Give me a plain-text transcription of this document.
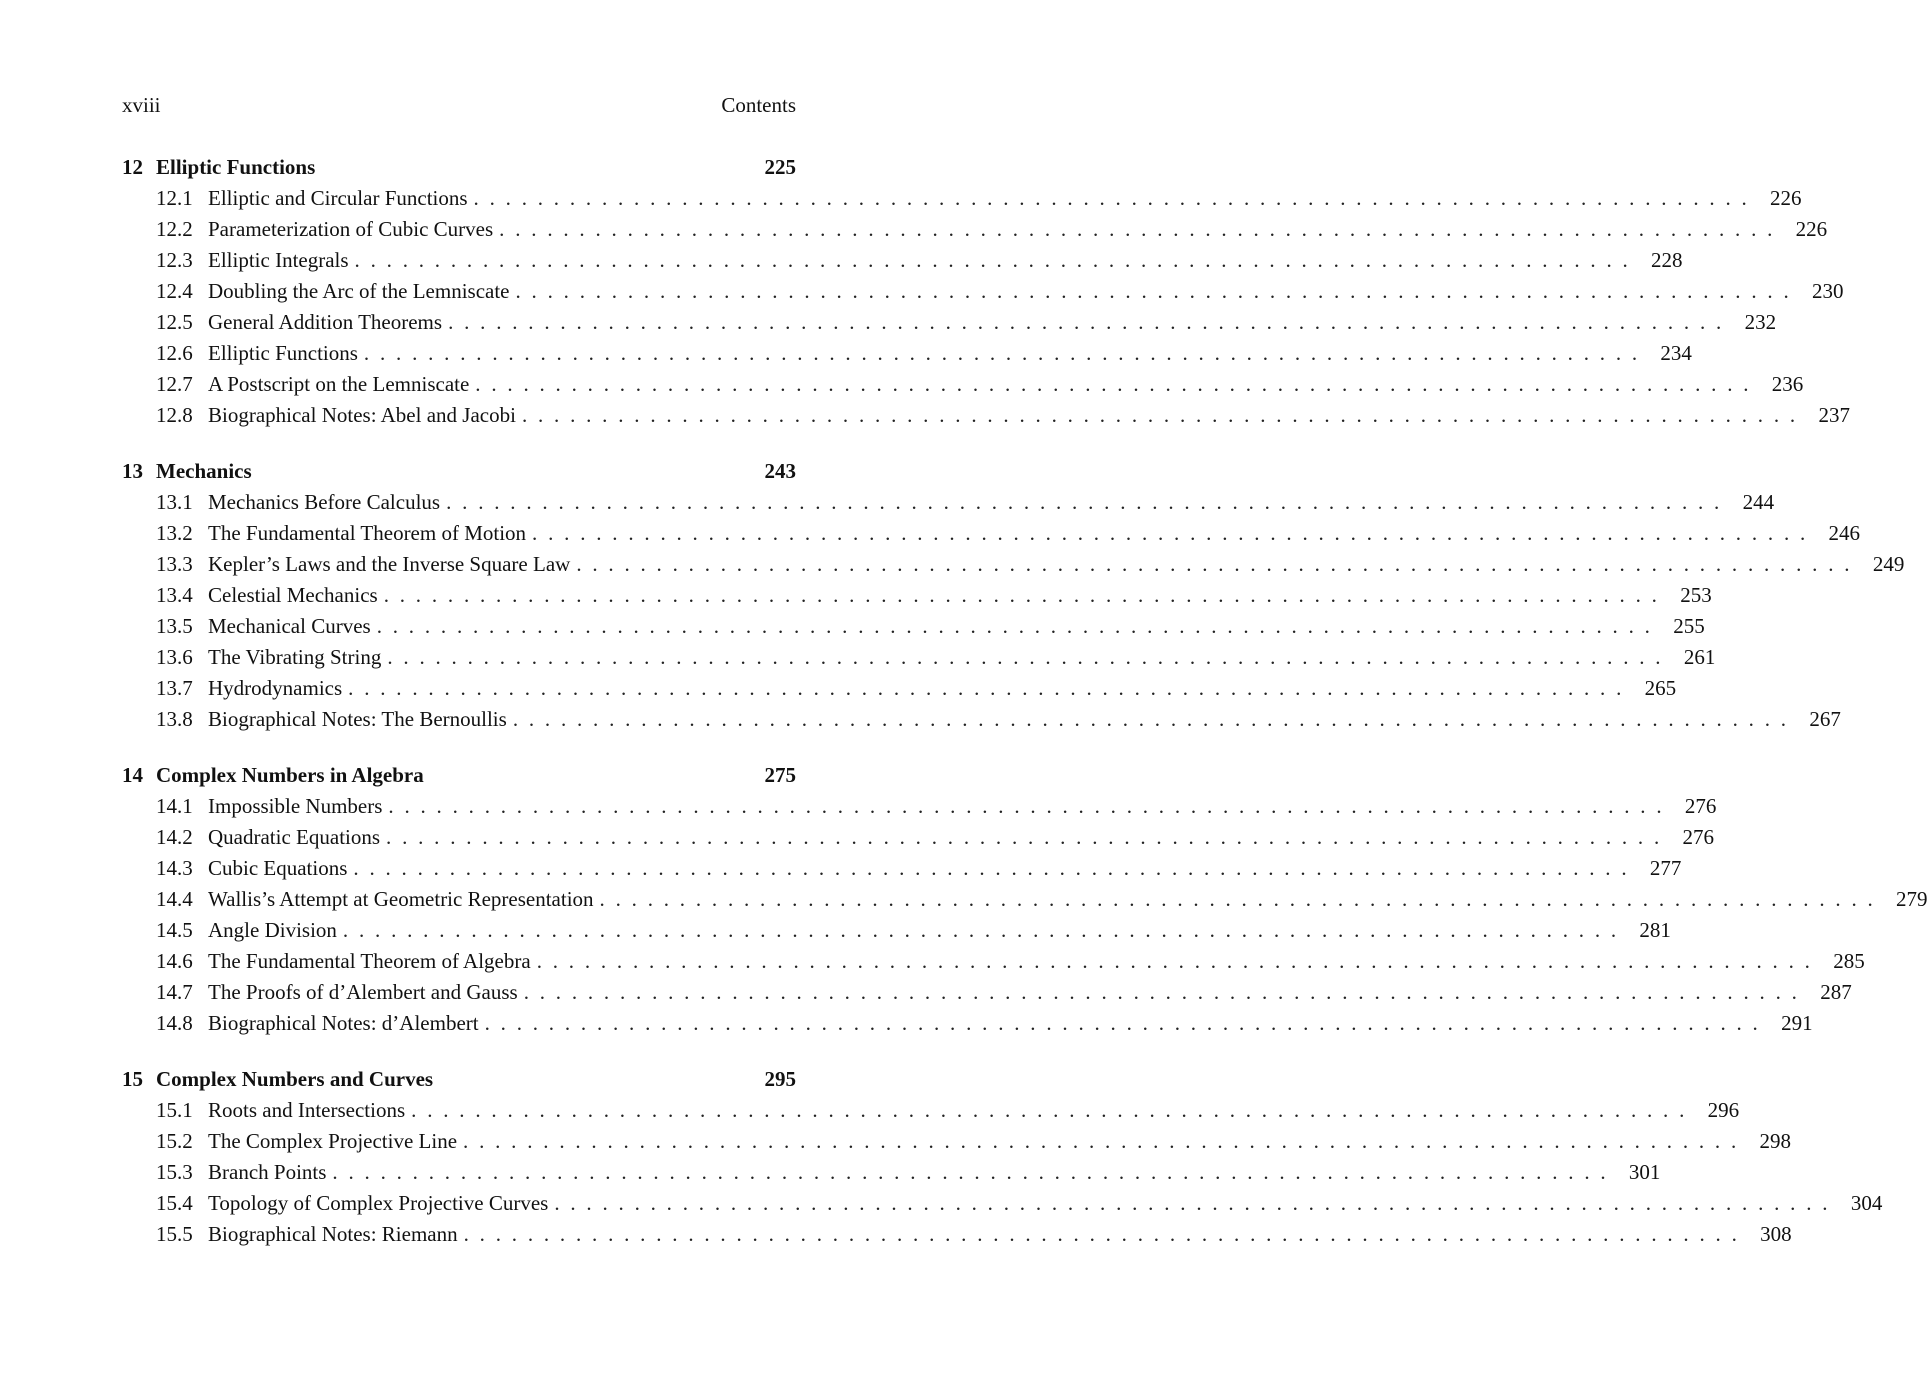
xviii	Contents
12 Elliptic Functions	225
12.1 Elliptic and Circular Functions ................................................................................ 226
12.2 Parameterization of Cubic Curves ................................................................................ 226
12.3 Elliptic Integrals ................................................................................ 228
12.4 Doubling the Arc of the Lemniscate ................................................................................ 230
12.5 General Addition Theorems ................................................................................ 232
12.6 Elliptic Functions ................................................................................ 234
12.7 A Postscript on the Lemniscate ................................................................................ 236
12.8 Biographical Notes: Abel and Jacobi ................................................................................ 237
13 Mechanics	243
13.1 Mechanics Before Calculus ................................................................................ 244
13.2 The Fundamental Theorem of Motion ................................................................................ 246
13.3 Kepler’s Laws and the Inverse Square Law ................................................................................ 249
13.4 Celestial Mechanics ................................................................................ 253
13.5 Mechanical Curves ................................................................................ 255
13.6 The Vibrating String ................................................................................ 261
13.7 Hydrodynamics ................................................................................ 265
13.8 Biographical Notes: The Bernoullis ................................................................................ 267
14 Complex Numbers in Algebra	275
14.1 Impossible Numbers ................................................................................ 276
14.2 Quadratic Equations ................................................................................ 276
14.3 Cubic Equations ................................................................................ 277
14.4 Wallis’s Attempt at Geometric Representation ................................................................................ 279
14.5 Angle Division ................................................................................ 281
14.6 The Fundamental Theorem of Algebra ................................................................................ 285
14.7 The Proofs of d’Alembert and Gauss ................................................................................ 287
14.8 Biographical Notes: d’Alembert ................................................................................ 291
15 Complex Numbers and Curves	295
15.1 Roots and Intersections ................................................................................ 296
15.2 The Complex Projective Line ................................................................................ 298
15.3 Branch Points ................................................................................ 301
15.4 Topology of Complex Projective Curves ................................................................................ 304
15.5 Biographical Notes: Riemann ................................................................................ 308
